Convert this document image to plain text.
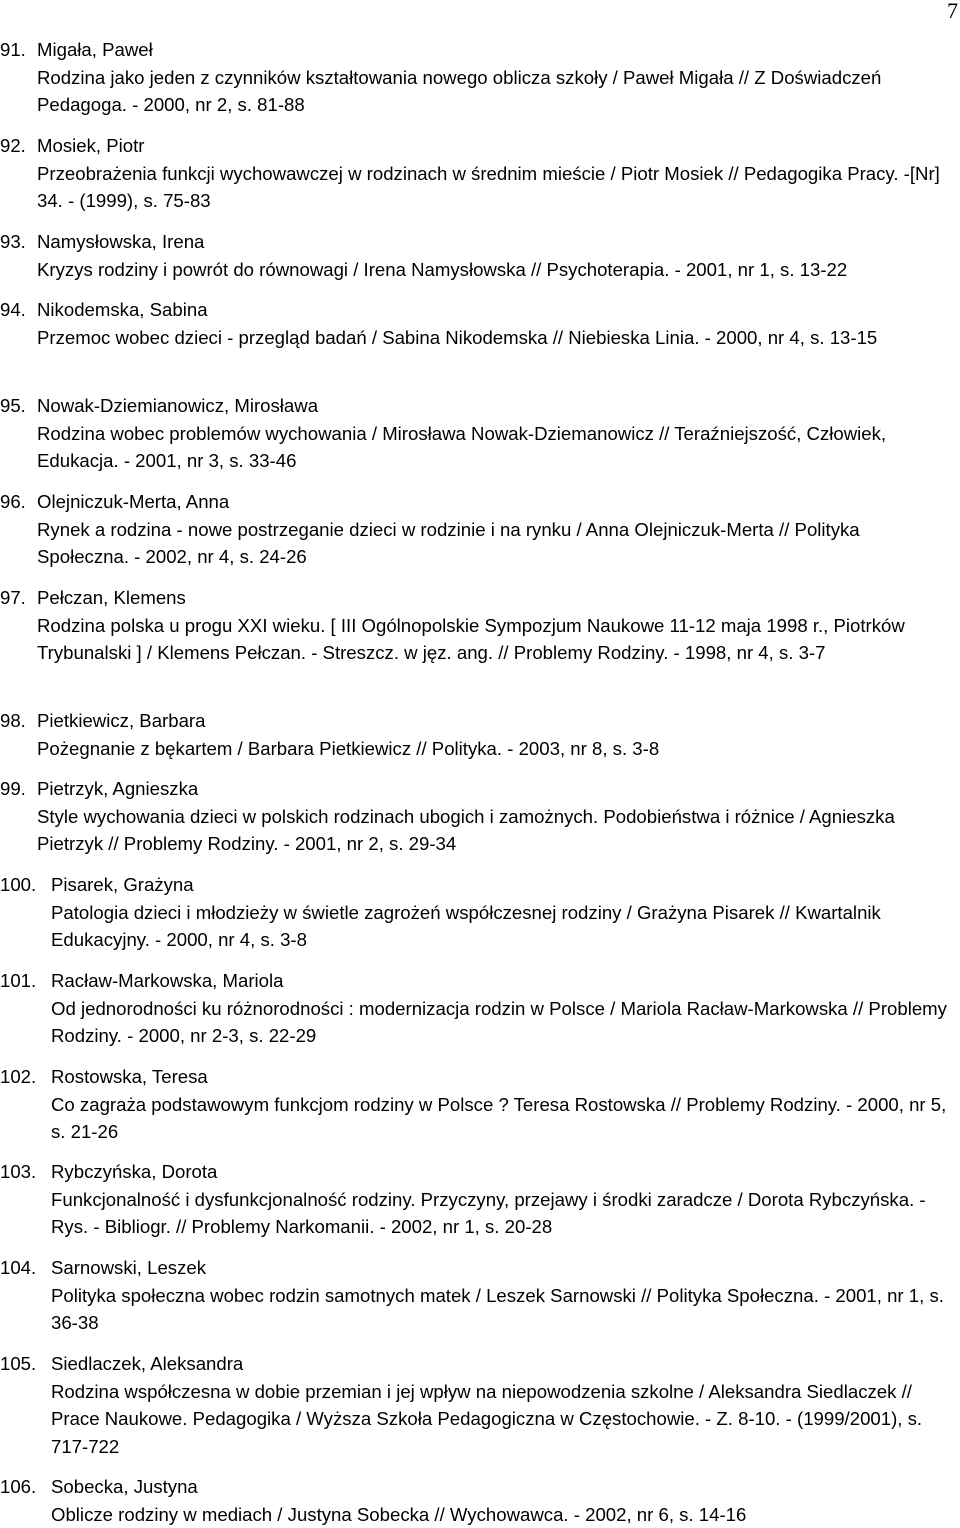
7
91. Migała, Paweł
Rodzina jako jeden z czynników kształtowania nowego oblicza szkoły / Paweł Migała // Z Doświadczeń Pedagoga. - 2000, nr 2, s. 81-88
92. Mosiek, Piotr
Przeobrażenia funkcji wychowawczej w rodzinach w średnim mieście / Piotr Mosiek // Pedagogika Pracy. -[Nr] 34. - (1999), s. 75-83
93. Namysłowska, Irena
Kryzys rodziny i powrót do równowagi / Irena Namysłowska // Psychoterapia. - 2001, nr 1, s. 13-22
94. Nikodemska, Sabina
Przemoc wobec dzieci - przegląd badań / Sabina Nikodemska // Niebieska Linia. - 2000, nr 4, s. 13-15
95. Nowak-Dziemianowicz, Mirosława
Rodzina wobec problemów wychowania / Mirosława Nowak-Dziemanowicz // Teraźniejszość, Człowiek, Edukacja. - 2001, nr 3, s. 33-46
96. Olejniczuk-Merta, Anna
Rynek a rodzina - nowe postrzeganie dzieci w rodzinie i na rynku / Anna Olejniczuk-Merta // Polityka Społeczna. - 2002, nr 4, s. 24-26
97. Pełczan, Klemens
Rodzina polska u progu XXI wieku. [ III Ogólnopolskie Sympozjum Naukowe 11-12 maja 1998 r., Piotrków Trybunalski ] / Klemens Pełczan. - Streszcz. w jęz. ang. // Problemy Rodziny. - 1998, nr 4, s. 3-7
98. Pietkiewicz, Barbara
Pożegnanie z bękartem / Barbara Pietkiewicz // Polityka. - 2003, nr 8, s. 3-8
99. Pietrzyk, Agnieszka
Style wychowania dzieci w polskich rodzinach ubogich i zamożnych. Podobieństwa i różnice / Agnieszka Pietrzyk // Problemy Rodziny. - 2001, nr 2, s. 29-34
100. Pisarek, Grażyna
Patologia dzieci i młodzieży w świetle zagrożeń współczesnej rodziny / Grażyna Pisarek // Kwartalnik Edukacyjny. - 2000, nr 4, s. 3-8
101. Racław-Markowska, Mariola
Od jednorodności ku różnorodności : modernizacja rodzin w Polsce / Mariola Racław-Markowska // Problemy Rodziny. - 2000, nr 2-3, s. 22-29
102. Rostowska, Teresa
Co zagraża podstawowym funkcjom rodziny w Polsce ? Teresa Rostowska // Problemy Rodziny. - 2000, nr 5, s. 21-26
103. Rybczyńska, Dorota
Funkcjonalność i dysfunkcjonalność rodziny. Przyczyny, przejawy i środki zaradcze / Dorota Rybczyńska. - Rys. - Bibliogr. // Problemy Narkomanii. - 2002, nr 1, s. 20-28
104. Sarnowski, Leszek
Polityka społeczna wobec rodzin samotnych matek / Leszek Sarnowski // Polityka Społeczna. - 2001, nr 1, s. 36-38
105. Siedlaczek, Aleksandra
Rodzina współczesna w dobie przemian i jej wpływ na niepowodzenia szkolne / Aleksandra Siedlaczek // Prace Naukowe. Pedagogika / Wyższa Szkoła Pedagogiczna w Częstochowie. - Z. 8-10. - (1999/2001), s. 717-722
106. Sobecka, Justyna
Oblicze rodziny w mediach / Justyna Sobecka // Wychowawca. - 2002, nr 6, s. 14-16
